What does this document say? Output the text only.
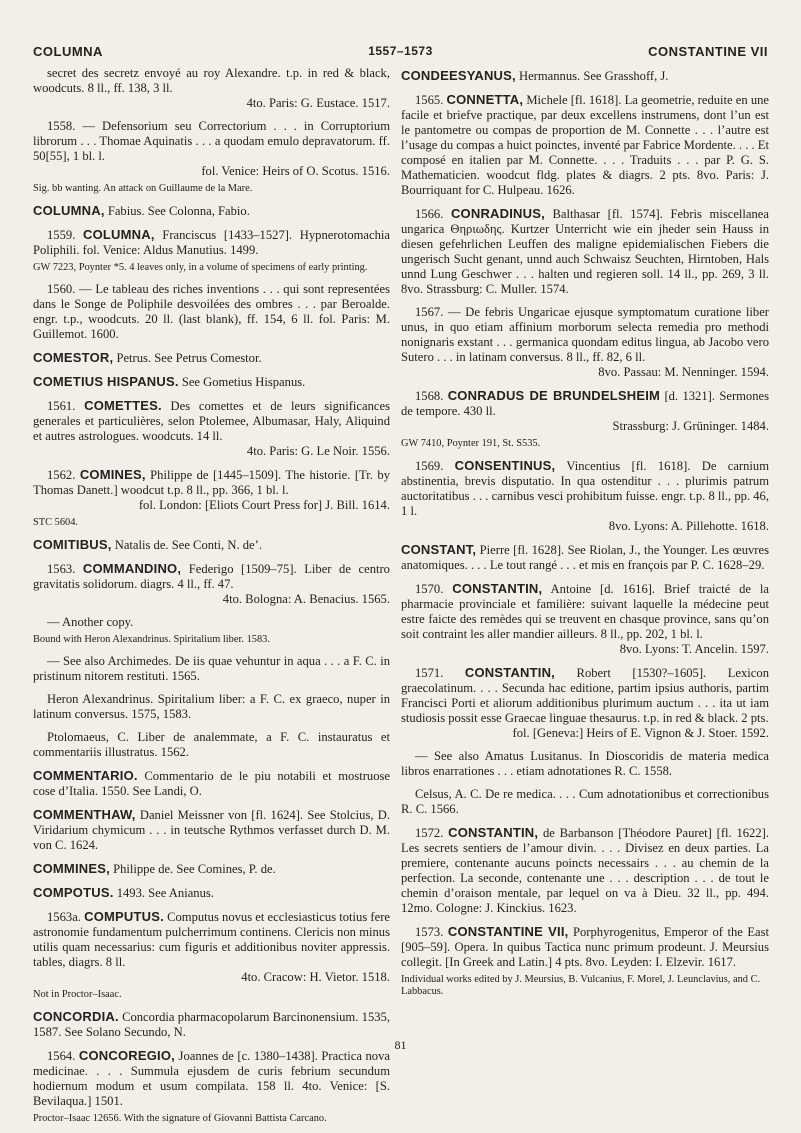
COLUMNA	1557–1573	CONSTANTINE VII
secret des secretz envoyé au roy Alexandre. t.p. in red & black, woodcuts. 8 ll., ff. 138, 3 ll.
4to. Paris: G. Eustace. 1517.
1558. — Defensorium seu Correctorium . . . in Corruptorium librorum . . . Thomae Aquinatis . . . a quodam emulo depravatorum. ff. 50[55], 1 bl. l.
fol. Venice: Heirs of O. Scotus. 1516.
Sig. bb wanting. An attack on Guillaume de la Mare.
COLUMNA, Fabius. See Colonna, Fabio.
1559. COLUMNA, Franciscus [1433–1527]. Hypnerotomachia Poliphili. fol. Venice: Aldus Manutius. 1499.
GW 7223, Poynter *5. 4 leaves only, in a volume of specimens of early printing.
1560. — Le tableau des riches inventions . . . qui sont representées dans le Songe de Poliphile desvoilées des ombres . . . par Beroalde. engr. t.p., woodcuts. 20 ll. (last blank), ff. 154, 6 ll. fol. Paris: M. Guillemot. 1600.
COMESTOR, Petrus. See Petrus Comestor.
COMETIUS HISPANUS. See Gometius Hispanus.
1561. COMETTES. Des comettes et de leurs significances generales et particulières, selon Ptolemee, Albumasar, Haly, Aliquind et autres astrologues. woodcuts. 14 ll.
4to. Paris: G. Le Noir. 1556.
1562. COMINES, Philippe de [1445–1509]. The historie. [Tr. by Thomas Danett.] woodcut t.p. 8 ll., pp. 366, 1 bl. l.
fol. London: [Eliots Court Press for] J. Bill. 1614.
STC 5604.
COMITIBUS, Natalis de. See Conti, N. de’.
1563. COMMANDINO, Federigo [1509–75]. Liber de centro gravitatis solidorum. diagrs. 4 ll., ff. 47.
4to. Bologna: A. Benacius. 1565.
— Another copy.
Bound with Heron Alexandrinus. Spiritalium liber. 1583.
— See also Archimedes. De iis quae vehuntur in aqua . . . a F. C. in pristinum nitorem restituti. 1565.
Heron Alexandrinus. Spiritalium liber: a F. C. ex graeco, nuper in latinum conversus. 1575, 1583.
Ptolomaeus, C. Liber de analemmate, a F. C. instauratus et commentariis illustratus. 1562.
COMMENTARIO. Commentario de le piu notabili et mostruose cose d’Italia. 1550. See Landi, O.
COMMENTHAW, Daniel Meissner von [fl. 1624]. See Stolcius, D. Viridarium chymicum . . . in teutsche Rythmos verfasset durch D. M. von C. 1624.
COMMINES, Philippe de. See Comines, P. de.
COMPOTUS. 1493. See Anianus.
1563a. COMPUTUS. Computus novus et ecclesiasticus totius fere astronomie fundamentum pulcherrimum continens. Clericis non minus utilis quam necessarius: cum figuris et additionibus noviter appressis. tables, diagrs. 8 ll.
4to. Cracow: H. Vietor. 1518.
Not in Proctor–Isaac.
CONCORDIA. Concordia pharmacopolarum Barcinonensium. 1535, 1587. See Solano Secundo, N.
1564. CONCOREGIO, Joannes de [c. 1380–1438]. Practica nova medicinae. . . . Summula ejusdem de curis febrium secundum hodiernum modum et usum compilata. 158 ll. 4to. Venice: [S. Bevilaqua.] 1501.
Proctor–Isaac 12656. With the signature of Giovanni Battista Carcano.
CONDEESYANUS, Hermannus. See Grasshoff, J.
1565. CONNETTA, Michele [fl. 1618]. La geometrie, reduite en une facile et briefve practique, par deux excellens instrumens, dont l’un est le pantometre ou compas de proportion de M. Connette . . . l’autre est l’usage du compas a huict poinctes, inventé par Fabrice Mordente. . . . Et composé en italien par M. Connette. . . . Traduits . . . par P. G. S. Mathematicien. woodcut fldg. plates & diagrs. 2 pts. 8vo. Paris: J. Bourriquant for C. Hulpeau. 1626.
1566. CONRADINUS, Balthasar [fl. 1574]. Febris miscellanea ungarica Θηριωδης. Kurtzer Unterricht wie ein jheder sein Hauss in diesen gefehrlichen Leuffen des maligne epidemialischen Fiebers die ungerisch Sucht genant, unnd auch Schwaisz Seuchten, Hirntoben, Hals unnd Lung Geschwer . . . halten und regieren soll. 14 ll., pp. 269, 3 ll. 8vo. Strassburg: C. Muller. 1574.
1567. — De febris Ungaricae ejusque symptomatum curatione liber unus, in quo etiam affinium morborum selecta remedia pro methodi nonignaris exstant . . . germanica quondam editus lingua, ab Jacobo vero Sutero . . . in latinam conversus. 8 ll., ff. 82, 6 ll.
8vo. Passau: M. Nenninger. 1594.
1568. CONRADUS DE BRUNDELSHEIM [d. 1321]. Sermones de tempore. 430 ll.
Strassburg: J. Grüninger. 1484.
GW 7410, Poynter 191, St. S535.
1569. CONSENTINUS, Vincentius [fl. 1618]. De carnium abstinentia, brevis disputatio. In qua ostenditur . . . plurimis patrum auctoritatibus . . . carnibus vesci prohibitum fuisse. engr. t.p. 8 ll., pp. 46, 1 l.
8vo. Lyons: A. Pillehotte. 1618.
CONSTANT, Pierre [fl. 1628]. See Riolan, J., the Younger. Les œuvres anatomiques. . . . Le tout rangé . . . et mis en françois par P. C. 1628–29.
1570. CONSTANTIN, Antoine [d. 1616]. Brief traicté de la pharmacie provinciale et familière: suivant laquelle la médecine peut estre faicte des remèdes qui se treuvent en chasque province, sans qu’on soit contraint les aller mandier ailleurs. 8 ll., pp. 202, 1 bl. l.
8vo. Lyons: T. Ancelin. 1597.
1571. CONSTANTIN, Robert [1530?–1605]. Lexicon graecolatinum. . . . Secunda hac editione, partim ipsius authoris, partim Francisci Porti et aliorum additionibus plurimum auctum . . . ita ut iam studiosis possit esse Graecae linguae thesaurus. t.p. in red & black. 2 pts.
fol. [Geneva:] Heirs of E. Vignon & J. Stoer. 1592.
— See also Amatus Lusitanus. In Dioscoridis de materia medica libros enarrationes . . . etiam adnotationes R. C. 1558.
Celsus, A. C. De re medica. . . . Cum adnotationibus et correctionibus R. C. 1566.
1572. CONSTANTIN, de Barbanson [Théodore Pauret] [fl. 1622]. Les secrets sentiers de l’amour divin. . . . Divisez en deux parties. La premiere, contenante aucuns poincts necessairs . . . au chemin de la perfection. La seconde, contenante une . . . description . . . de tout le chemin d’oraison mentale, par lequel on va à Dieu. 32 ll., pp. 494. 12mo. Cologne: J. Kinckius. 1623.
1573. CONSTANTINE VII, Porphyrogenitus, Emperor of the East [905–59]. Opera. In quibus Tactica nunc primum prodeunt. J. Meursius collegit. [In Greek and Latin.] 4 pts. 8vo. Leyden: I. Elzevir. 1617.
Individual works edited by J. Meursius, B. Vulcanius, F. Morel, J. Leunclavius, and C. Labbacus.
81
